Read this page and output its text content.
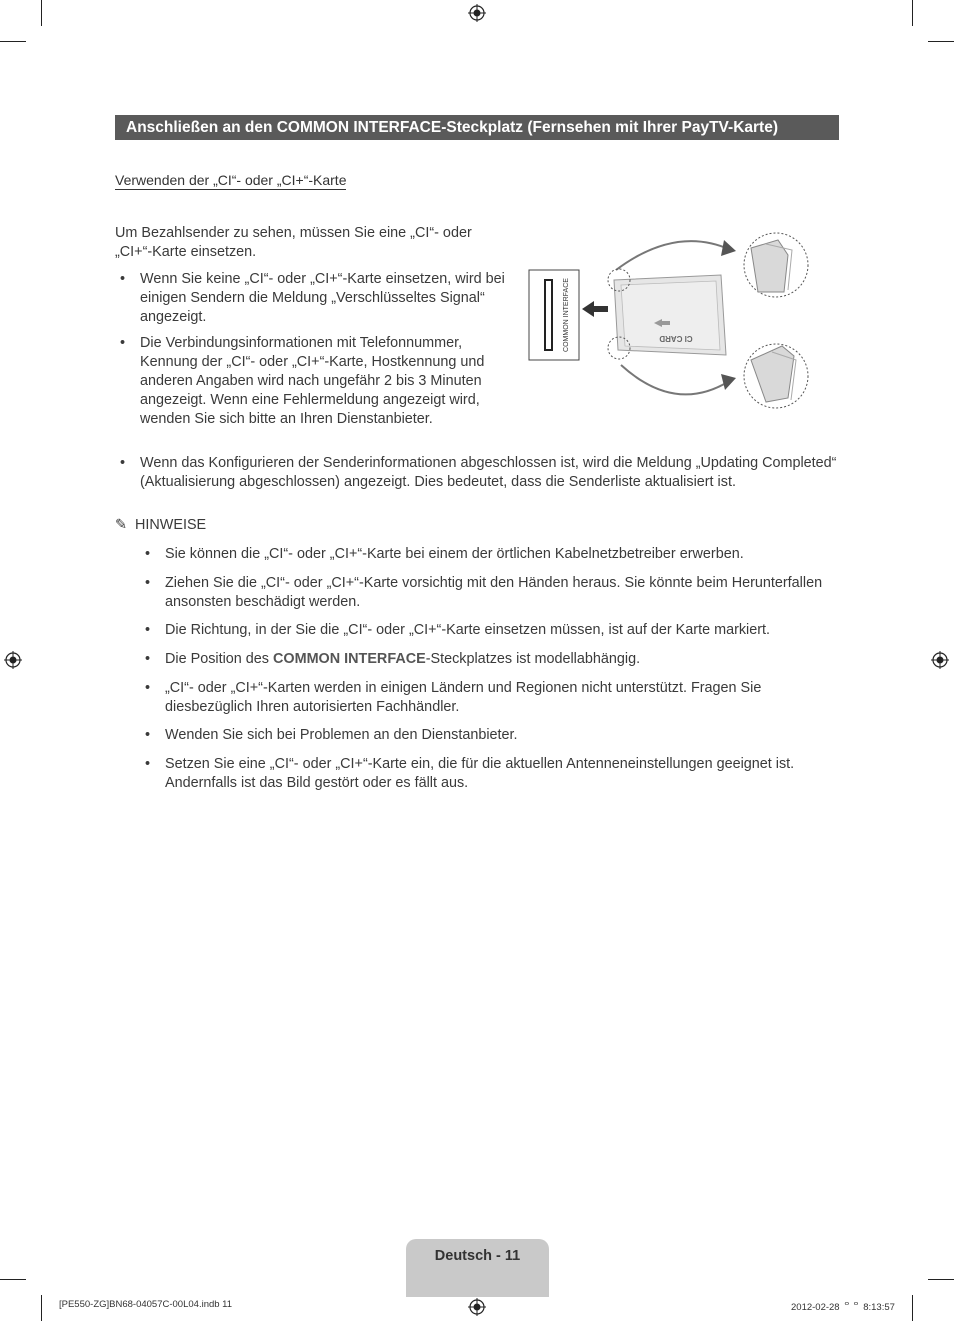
Anschließen an den COMMON INTERFACE-Steckplatz (Fernsehen mit Ihrer PayTV-Karte)
Verwenden der „CI“- oder „CI+“-Karte
Um Bezahlsender zu sehen, müssen Sie eine „CI“- oder „CI+“-Karte einsetzen.
• Wenn Sie keine „CI“- oder „CI+“-Karte einsetzen, wird bei einigen Sendern die Meldung „Verschlüsseltes Signal“ angezeigt.
• Die Verbindungsinformationen mit Telefonnummer, Kennung der „CI“- oder „CI+“-Karte, Hostkennung und anderen Angaben wird nach ungefähr 2 bis 3 Minuten angezeigt. Wenn eine Fehlermeldung angezeigt wird, wenden Sie sich bitte an Ihren Dienstanbieter.
• Wenn das Konfigurieren der Senderinformationen abgeschlossen ist, wird die Meldung „Updating Completed“ (Aktualisierung abgeschlossen) angezeigt. Dies bedeutet, dass die Senderliste aktualisiert ist.
COMMON INTERFACE	CI CARD
✎ HINWEISE
• Sie können die „CI“- oder „CI+“-Karte bei einem der örtlichen Kabelnetzbetreiber erwerben.
• Ziehen Sie die „CI“- oder „CI+“-Karte vorsichtig mit den Händen heraus. Sie könnte beim Herunterfallen ansonsten beschädigt werden.
• Die Richtung, in der Sie die „CI“- oder „CI+“-Karte einsetzen müssen, ist auf der Karte markiert.
• Die Position des COMMON INTERFACE-Steckplatzes ist modellabhängig.
• „CI“- oder „CI+“-Karten werden in einigen Ländern und Regionen nicht unterstützt. Fragen Sie diesbezüglich Ihren autorisierten Fachhändler.
• Wenden Sie sich bei Problemen an den Dienstanbieter.
• Setzen Sie eine „CI“- oder „CI+“-Karte ein, die für die aktuellen Antenneneinstellungen geeignet ist. Andernfalls ist das Bild gestört oder es fällt aus.
Deutsch - 11
[PE550-ZG]BN68-04057C-00L04.indb 11	2012-02-28 ᄋᄋ 8:13:57
